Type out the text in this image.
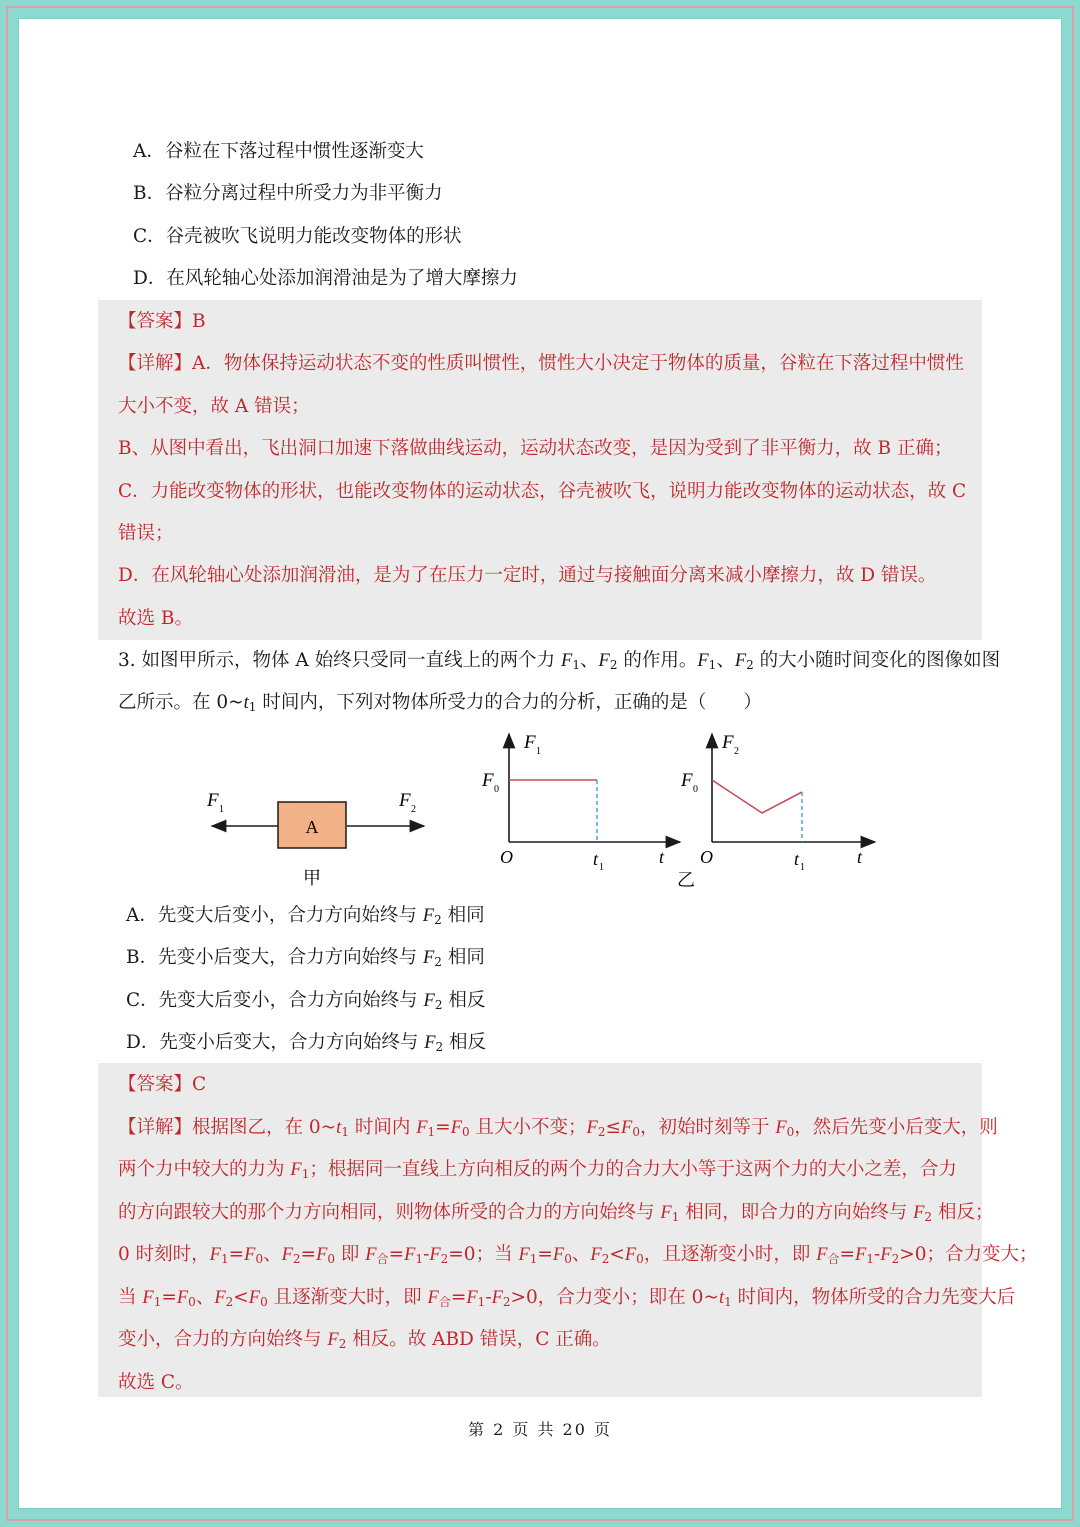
A．谷粒在下落过程中惯性逐渐变大
B．谷粒分离过程中所受力为非平衡力
C．谷壳被吹飞说明力能改变物体的形状
D．在风轮轴心处添加润滑油是为了增大摩擦力
【答案】B
【详解】A．物体保持运动状态不变的性质叫惯性，惯性大小决定于物体的质量，谷粒在下落过程中惯性
大小不变，故 A 错误；
B、从图中看出，飞出洞口加速下落做曲线运动，运动状态改变，是因为受到了非平衡力，故 B 正确；
C．力能改变物体的形状，也能改变物体的运动状态，谷壳被吹飞，说明力能改变物体的运动状态，故 C
错误；
D．在风轮轴心处添加润滑油，是为了在压力一定时，通过与接触面分离来减小摩擦力，故 D 错误。
故选 B。
3. 如图甲所示，物体 A 始终只受同一直线上的两个力 $F_1$、$F_2$ 的作用。$F_1$、$F_2$ 的大小随时间变化的图像如图
乙所示。在 $0\sim t_1$ 时间内，下列对物体所受力的合力的分析，正确的是（　　）
A
F 1	F 2
甲
F 1
F 0
O	t 1
t
F 2
F 0
O	t 1
t
乙
A．先变大后变小，合力方向始终与 $F_2$ 相同
B．先变小后变大，合力方向始终与 $F_2$ 相同
C．先变大后变小，合力方向始终与 $F_2$ 相反
D．先变小后变大，合力方向始终与 $F_2$ 相反
【答案】C
【详解】根据图乙，在 $0\sim t_1$ 时间内 $F_1=F_0$ 且大小不变；$F_2\le F_0$，初始时刻等于 $F_0$，然后先变小后变大，则
两个力中较大的力为 $F_1$；根据同一直线上方向相反的两个力的合力大小等于这两个力的大小之差，合力
的方向跟较大的那个力方向相同，则物体所受的合力的方向始终与 $F_1$ 相同，即合力的方向始终与 $F_2$ 相反；
0 时刻时，$F_1=F_0$、$F_2=F_0$ 即 $F_合=F_1-F_2=0$；当 $F_1=F_0$、$F_2<F_0$，且逐渐变小时，即 $F_合=F_1-F_2>0$；合力变大；
当 $F_1=F_0$、$F_2<F_0$ 且逐渐变大时，即 $F_合=F_1-F_2>0$，合力变小；即在 $0\sim t_1$ 时间内，物体所受的合力先变大后
变小，合力的方向始终与 $F_2$ 相反。故 ABD 错误，C 正确。
故选 C。
第 2 页 共 20 页
